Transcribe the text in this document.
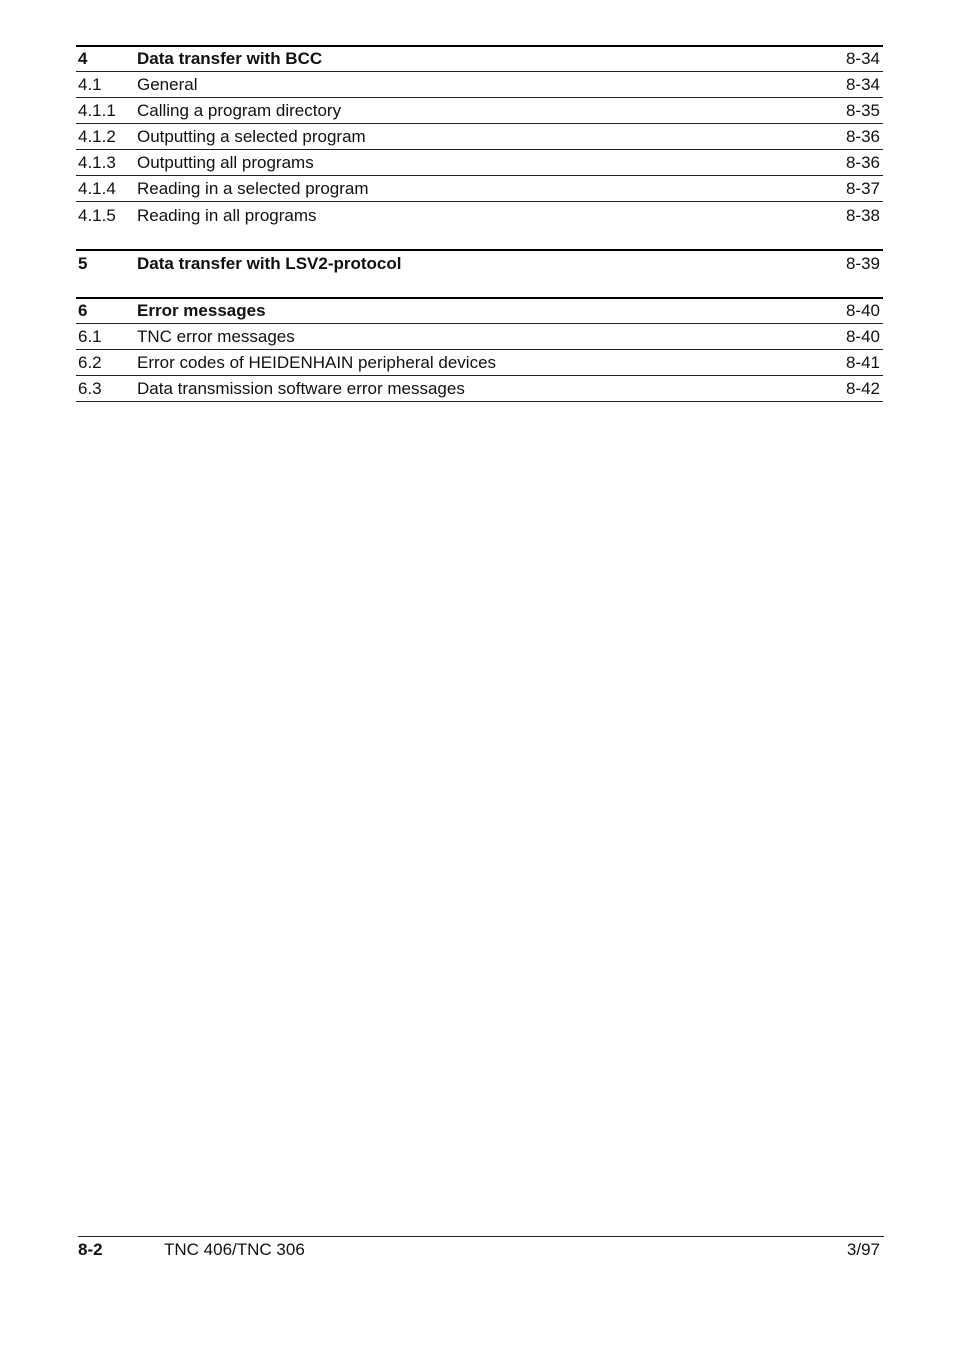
4	Data transfer with BCC	8-34
4.1	General	8-34
4.1.1	Calling a program directory	8-35
4.1.2	Outputting a selected program	8-36
4.1.3	Outputting all programs	8-36
4.1.4	Reading in a selected program	8-37
4.1.5	Reading in all programs	8-38
5	Data transfer with LSV2-protocol	8-39
6	Error messages	8-40
6.1	TNC error messages	8-40
6.2	Error codes of HEIDENHAIN peripheral devices	8-41
6.3	Data transmission software error messages	8-42
8-2	TNC 406/TNC 306	3/97
